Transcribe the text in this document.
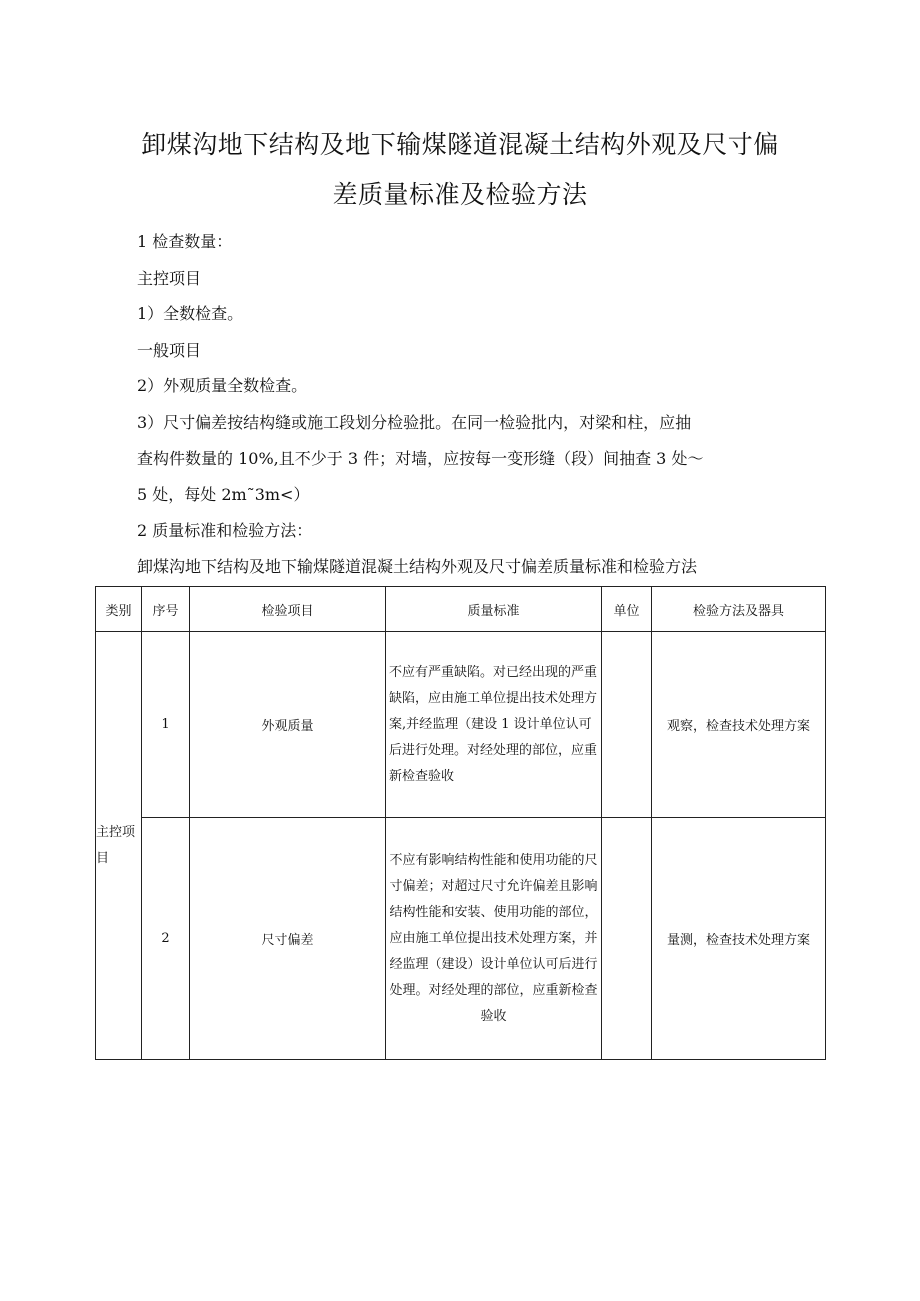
卸煤沟地下结构及地下输煤隧道混凝土结构外观及尺寸偏
差质量标准及检验方法
1 检查数量：
主控项目
1）全数检查。
一般项目
2）外观质量全数检查。
3）尺寸偏差按结构缝或施工段划分检验批。在同一检验批内，对梁和柱，应抽
查构件数量的 10%,且不少于 3 件；对墙，应按每一变形缝（段）间抽查 3 处～
5 处，每处 2m˜3m<）
2 质量标准和检验方法：
卸煤沟地下结构及地下输煤隧道混凝土结构外观及尺寸偏差质量标准和检验方法
类别	序号	检验项目	质量标准	单位	检验方法及器具
主控项目	1	外观质量	不应有严重缺陷。对已经出现的严重缺陷，应由施工单位提出技术处理方案,并经监理（建设 1 设计单位认可后进行处理。对经处理的部位，应重新检查验收		观察，检查技术处理方案
	2	尺寸偏差	不应有影响结构性能和使用功能的尺寸偏差；对超过尺寸允许偏差且影响结构性能和安装、使用功能的部位，应由施工单位提出技术处理方案，并经监理（建设）设计单位认可后进行处理。对经处理的部位，应重新检查验收		量测，检查技术处理方案
